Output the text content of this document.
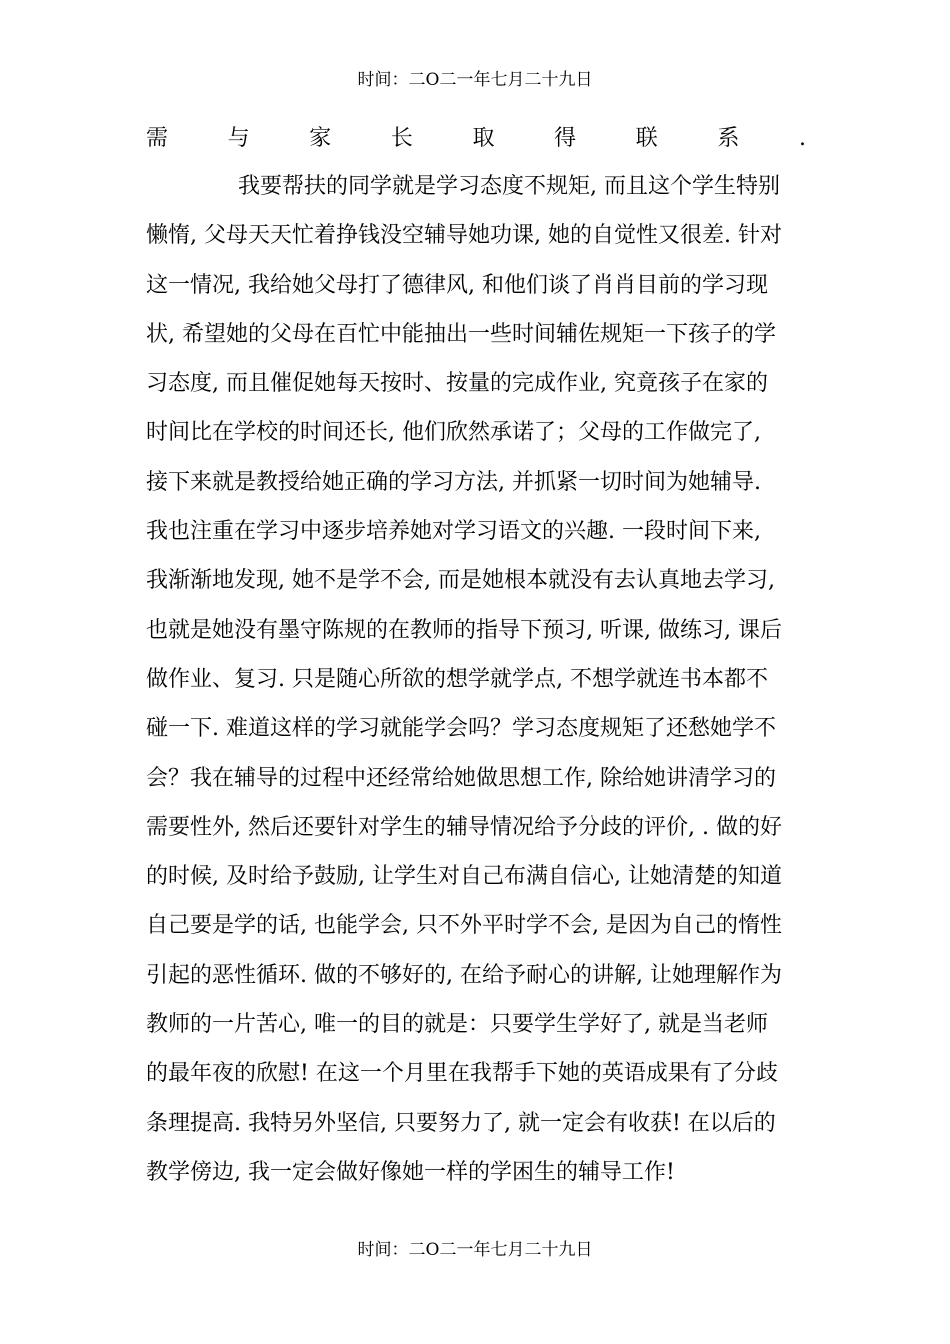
时间：二O二一年七月二十九日
需	与	家	长	取	得	联	系	.
我要帮扶的同学就是学习态度不规矩, 而且这个学生特别
懒惰, 父母天天忙着挣钱没空辅导她功课, 她的自觉性又很差. 针对
这一情况, 我给她父母打了德律风, 和他们谈了肖肖目前的学习现
状, 希望她的父母在百忙中能抽出一些时间辅佐规矩一下孩子的学
习态度, 而且催促她每天按时、按量的完成作业, 究竟孩子在家的
时间比在学校的时间还长, 他们欣然承诺了；父母的工作做完了,
接下来就是教授给她正确的学习方法, 并抓紧一切时间为她辅导.
我也注重在学习中逐步培养她对学习语文的兴趣. 一段时间下来,
我渐渐地发现, 她不是学不会, 而是她根本就没有去认真地去学习,
也就是她没有墨守陈规的在教师的指导下预习, 听课, 做练习, 课后
做作业、复习. 只是随心所欲的想学就学点, 不想学就连书本都不
碰一下. 难道这样的学习就能学会吗？学习态度规矩了还愁她学不
会？我在辅导的过程中还经常给她做思想工作, 除给她讲清学习的
需要性外, 然后还要针对学生的辅导情况给予分歧的评价, . 做的好
的时候, 及时给予鼓励, 让学生对自己布满自信心, 让她清楚的知道
自己要是学的话, 也能学会, 只不外平时学不会, 是因为自己的惰性
引起的恶性循环. 做的不够好的, 在给予耐心的讲解, 让她理解作为
教师的一片苦心, 唯一的目的就是：只要学生学好了, 就是当老师
的最年夜的欣慰! 在这一个月里在我帮手下她的英语成果有了分歧
条理提高. 我特另外坚信, 只要努力了, 就一定会有收获! 在以后的
教学傍边, 我一定会做好像她一样的学困生的辅导工作!
时间：二O二一年七月二十九日
